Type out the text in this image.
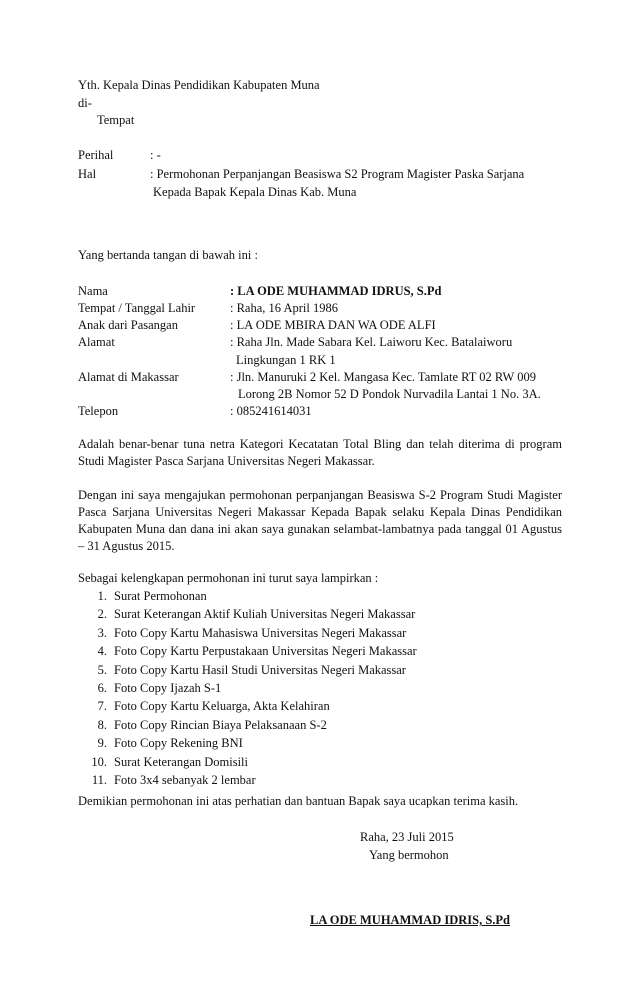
Yth. Kepala Dinas Pendidikan Kabupaten Muna
di-
Tempat
Perihal	: -
Hal	: Permohonan Perpanjangan Beasiswa S2 Program Magister Paska Sarjana
Kepada Bapak Kepala Dinas Kab. Muna
Yang bertanda tangan di bawah ini :
Nama	: LA ODE MUHAMMAD IDRUS, S.Pd
Tempat / Tanggal Lahir	: Raha, 16 April 1986
Anak dari Pasangan	: LA ODE MBIRA DAN WA ODE ALFI
Alamat	: Raha Jln. Made Sabara Kel. Laiworu Kec. Batalaiworu
Lingkungan 1 RK 1
Alamat di Makassar	: Jln. Manuruki 2 Kel. Mangasa Kec. Tamlate RT 02 RW 009
Lorong 2B Nomor 52 D Pondok Nurvadila Lantai 1 No. 3A.
Telepon	: 085241614031
Adalah benar-benar tuna netra Kategori Kecatatan Total Bling dan telah diterima di program Studi Magister Pasca Sarjana Universitas Negeri Makassar.
Dengan ini saya mengajukan permohonan perpanjangan Beasiswa S-2 Program Studi Magister Pasca Sarjana Universitas Negeri Makassar Kepada Bapak selaku Kepala Dinas Pendidikan Kabupaten Muna dan dana ini akan saya gunakan selambat-lambatnya pada tanggal 01 Agustus – 31 Agustus 2015.
Sebagai kelengkapan permohonan ini turut saya lampirkan :
1. Surat Permohonan
2. Surat Keterangan Aktif Kuliah Universitas Negeri Makassar
3. Foto Copy Kartu Mahasiswa Universitas Negeri Makassar
4. Foto Copy Kartu Perpustakaan Universitas Negeri Makassar
5. Foto Copy Kartu Hasil Studi Universitas Negeri Makassar
6. Foto Copy Ijazah S-1
7. Foto Copy Kartu Keluarga, Akta Kelahiran
8. Foto Copy Rincian Biaya Pelaksanaan S-2
9. Foto Copy Rekening BNI
10. Surat Keterangan Domisili
11. Foto 3x4 sebanyak 2 lembar
Demikian permohonan ini atas perhatian dan bantuan Bapak saya ucapkan terima kasih.
Raha, 23 Juli 2015
Yang bermohon
LA ODE MUHAMMAD IDRIS, S.Pd
